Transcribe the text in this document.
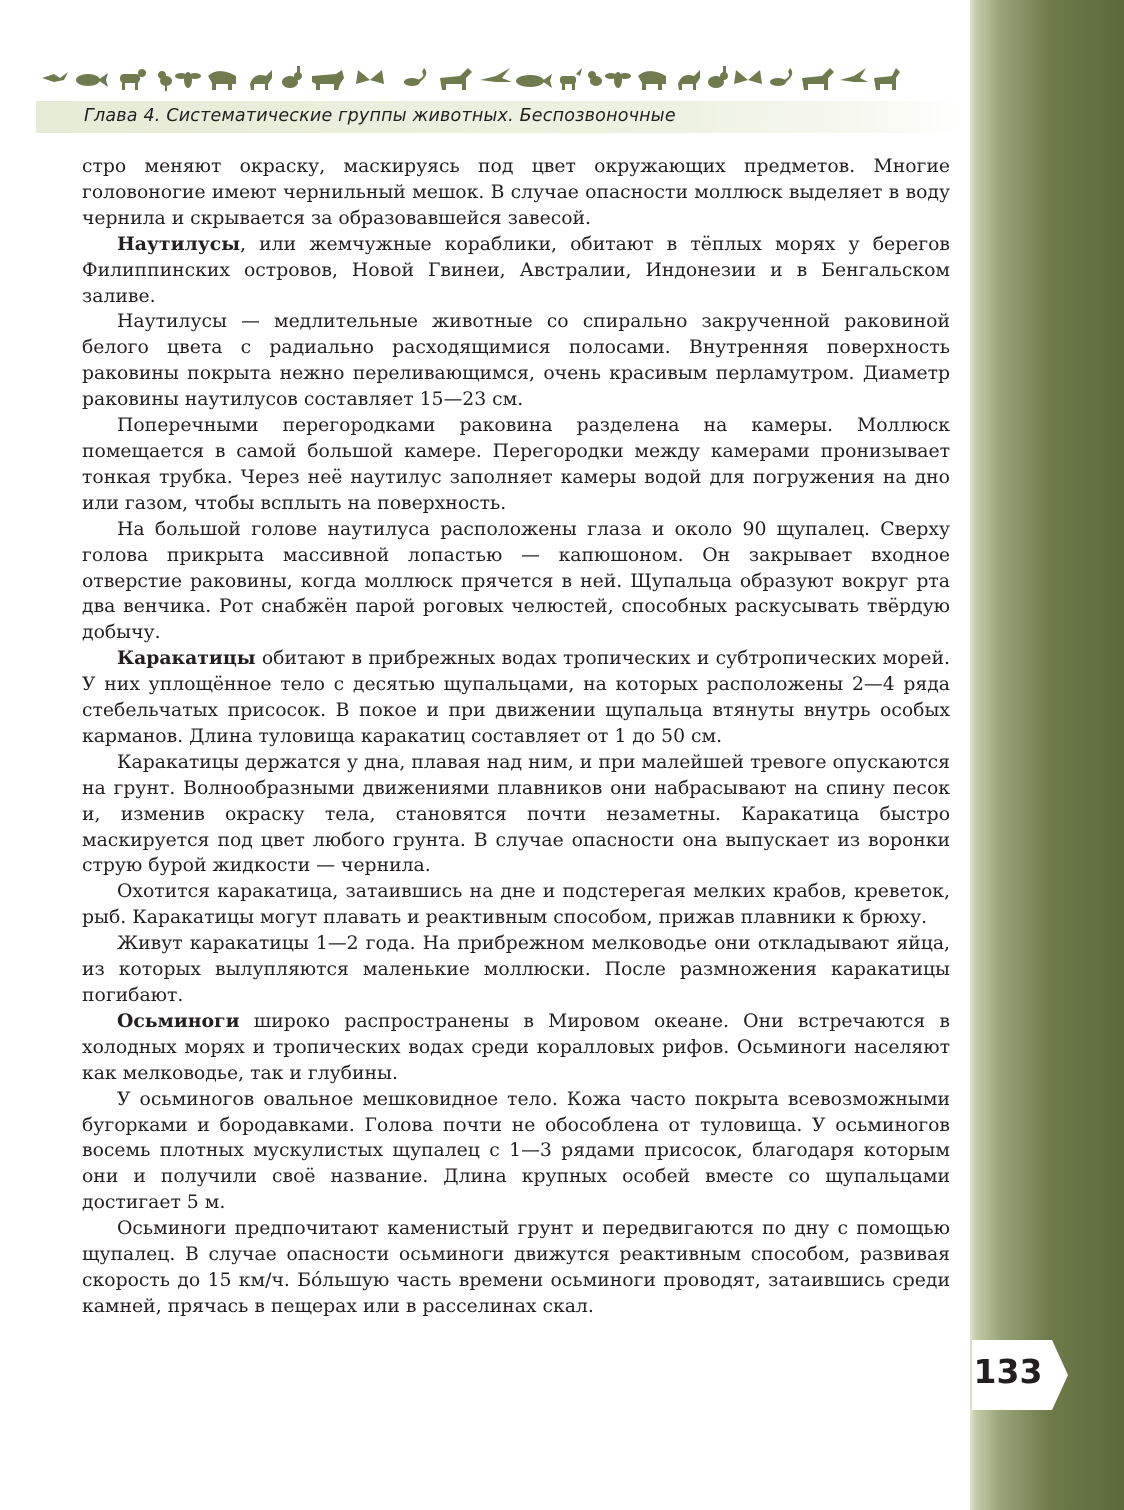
Глава 4. Систематические группы животных. Беспозвоночные

стро меняют окраску, маскируясь под цвет окружающих предметов. Многие головоногие имеют чернильный мешок. В случае опасности моллюск выделяет в воду чернила и скрывается за образовавшейся завесой.

Наутилусы, или жемчужные кораблики, обитают в тёплых морях у берегов Филиппинских островов, Новой Гвинеи, Австралии, Индонезии и в Бенгальском заливе.

Наутилусы — медлительные животные со спирально закрученной раковиной белого цвета с радиально расходящимися полосами. Внутренняя поверхность раковины покрыта нежно переливающимся, очень красивым перламутром. Диаметр раковины наутилусов составляет 15—23 см.

Поперечными перегородками раковина разделена на камеры. Моллюск помещается в самой большой камере. Перегородки между камерами пронизывает тонкая трубка. Через неё наутилус заполняет камеры водой для погружения на дно или газом, чтобы всплыть на поверхность.

На большой голове наутилуса расположены глаза и около 90 щупалец. Сверху голова прикрыта массивной лопастью — капюшоном. Он закрывает входное отверстие раковины, когда моллюск прячется в ней. Щупальца образуют вокруг рта два венчика. Рот снабжён парой роговых челюстей, способных раскусывать твёрдую добычу.

Каракатицы обитают в прибрежных водах тропических и субтропических морей. У них уплощённое тело с десятью щупальцами, на которых расположены 2—4 ряда стебельчатых присосок. В покое и при движении щупальца втянуты внутрь особых карманов. Длина туловища каракатиц составляет от 1 до 50 см.

Каракатицы держатся у дна, плавая над ним, и при малейшей тревоге опускаются на грунт. Волнообразными движениями плавников они набрасывают на спину песок и, изменив окраску тела, становятся почти незаметны. Каракатица быстро маскируется под цвет любого грунта. В случае опасности она выпускает из воронки струю бурой жидкости — чернила.

Охотится каракатица, затаившись на дне и подстерегая мелких крабов, креветок, рыб. Каракатицы могут плавать и реактивным способом, прижав плавники к брюху.

Живут каракатицы 1—2 года. На прибрежном мелководье они откладывают яйца, из которых вылупляются маленькие моллюски. После размножения каракатицы погибают.

Осьминоги широко распространены в Мировом океане. Они встречаются в холодных морях и тропических водах среди коралловых рифов. Осьминоги населяют как мелководье, так и глубины.

У осьминогов овальное мешковидное тело. Кожа часто покрыта всевозможными бугорками и бородавками. Голова почти не обособлена от туловища. У осьминогов восемь плотных мускулистых щупалец с 1—3 рядами присосок, благодаря которым они и получили своё название. Длина крупных особей вместе со щупальцами достигает 5 м.

Осьминоги предпочитают каменистый грунт и передвигаются по дну с помощью щупалец. В случае опасности осьминоги движутся реактивным способом, развивая скорость до 15 км/ч. Бо́льшую часть времени осьминоги проводят, затаившись среди камней, прячась в пещерах или в расселинах скал.

133
